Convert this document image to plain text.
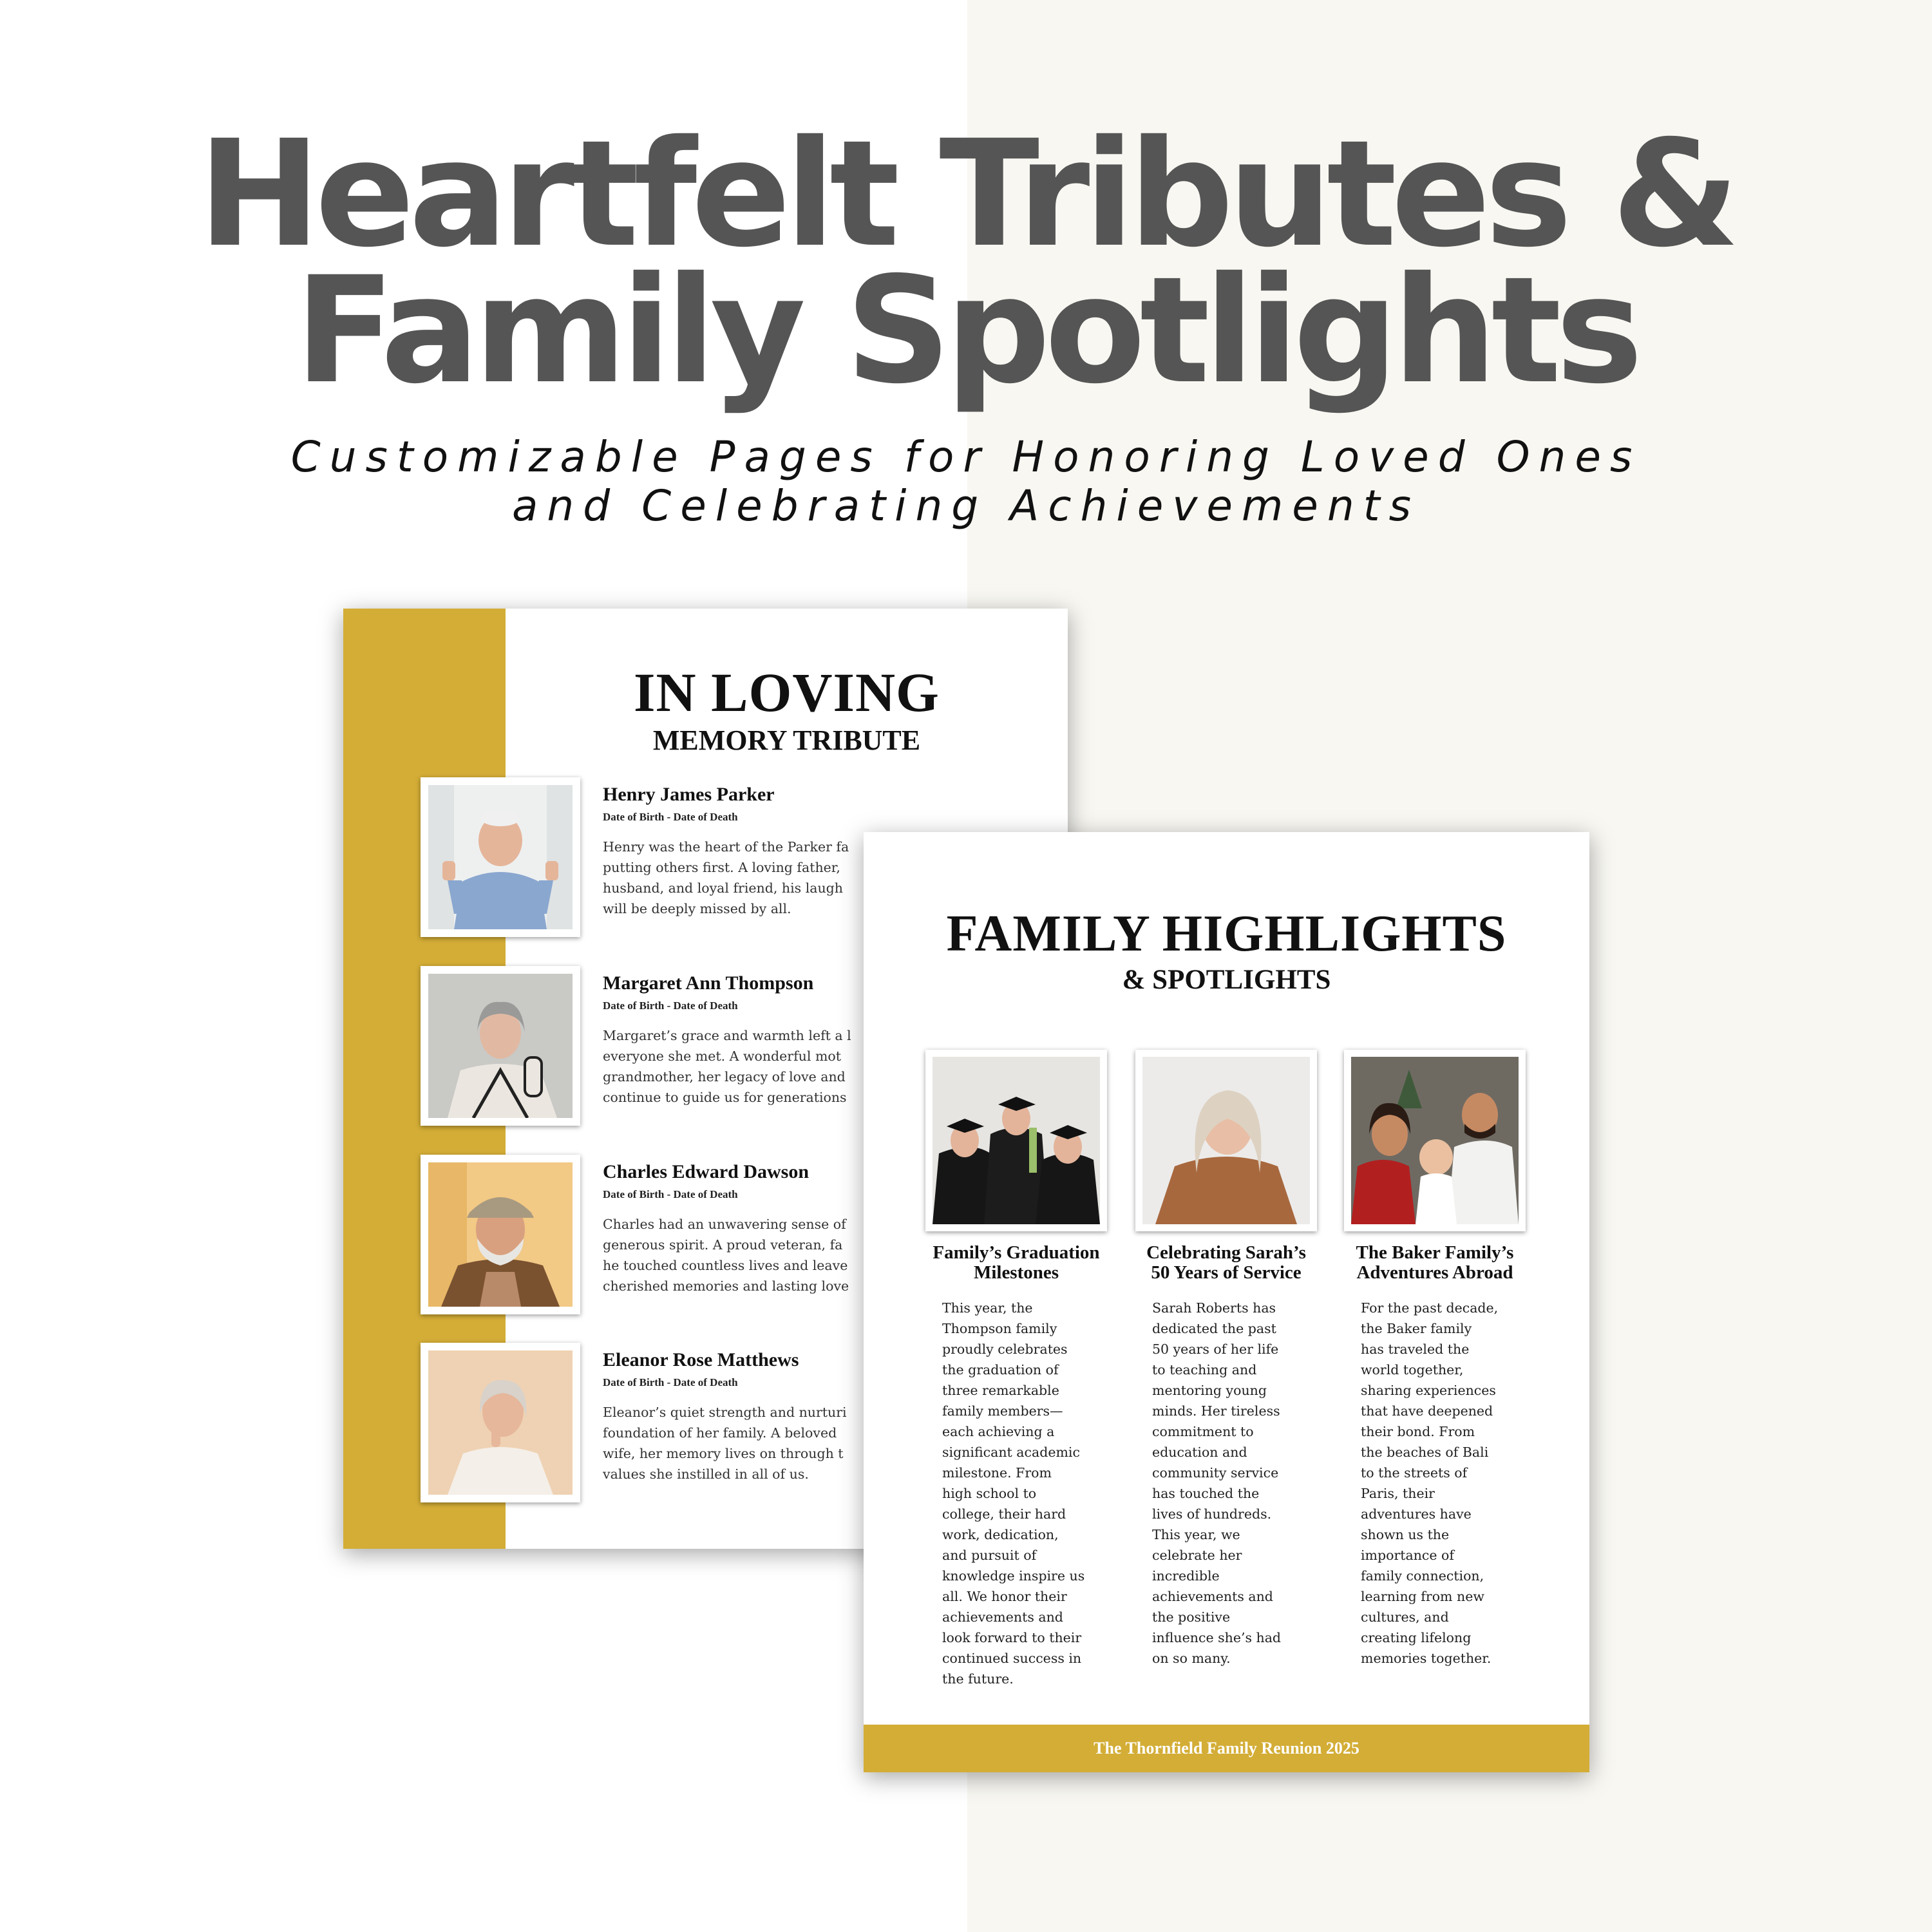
Heartfelt Tributes &
Family Spotlights
Customizable Pages for Honoring Loved Ones
and Celebrating Achievements
IN LOVING
MEMORY TRIBUTE
Henry James Parker
Date of Birth - Date of Death
Henry was the heart of the Parker fa
putting others first. A loving father,
husband, and loyal friend, his laugh
will be deeply missed by all.
Margaret Ann Thompson
Date of Birth - Date of Death
Margaret’s grace and warmth left a l
everyone she met. A wonderful mot
grandmother, her legacy of love and
continue to guide us for generations
Charles Edward Dawson
Date of Birth - Date of Death
Charles had an unwavering sense of
generous spirit. A proud veteran, fa
he touched countless lives and leave
cherished memories and lasting love
Eleanor Rose Matthews
Date of Birth - Date of Death
Eleanor’s quiet strength and nurturi
foundation of her family. A beloved
wife, her memory lives on through t
values she instilled in all of us.
FAMILY HIGHLIGHTS
& SPOTLIGHTS
Family’s Graduation
Milestones
This year, the
Thompson family
proudly celebrates
the graduation of
three remarkable
family members—
each achieving a
significant academic
milestone. From
high school to
college, their hard
work, dedication,
and pursuit of
knowledge inspire us
all. We honor their
achievements and
look forward to their
continued success in
the future.
Celebrating Sarah’s
50 Years of Service
Sarah Roberts has
dedicated the past
50 years of her life
to teaching and
mentoring young
minds. Her tireless
commitment to
education and
community service
has touched the
lives of hundreds.
This year, we
celebrate her
incredible
achievements and
the positive
influence she’s had
on so many.
The Baker Family’s
Adventures Abroad
For the past decade,
the Baker family
has traveled the
world together,
sharing experiences
that have deepened
their bond. From
the beaches of Bali
to the streets of
Paris, their
adventures have
shown us the
importance of
family connection,
learning from new
cultures, and
creating lifelong
memories together.
The Thornfield Family Reunion 2025
